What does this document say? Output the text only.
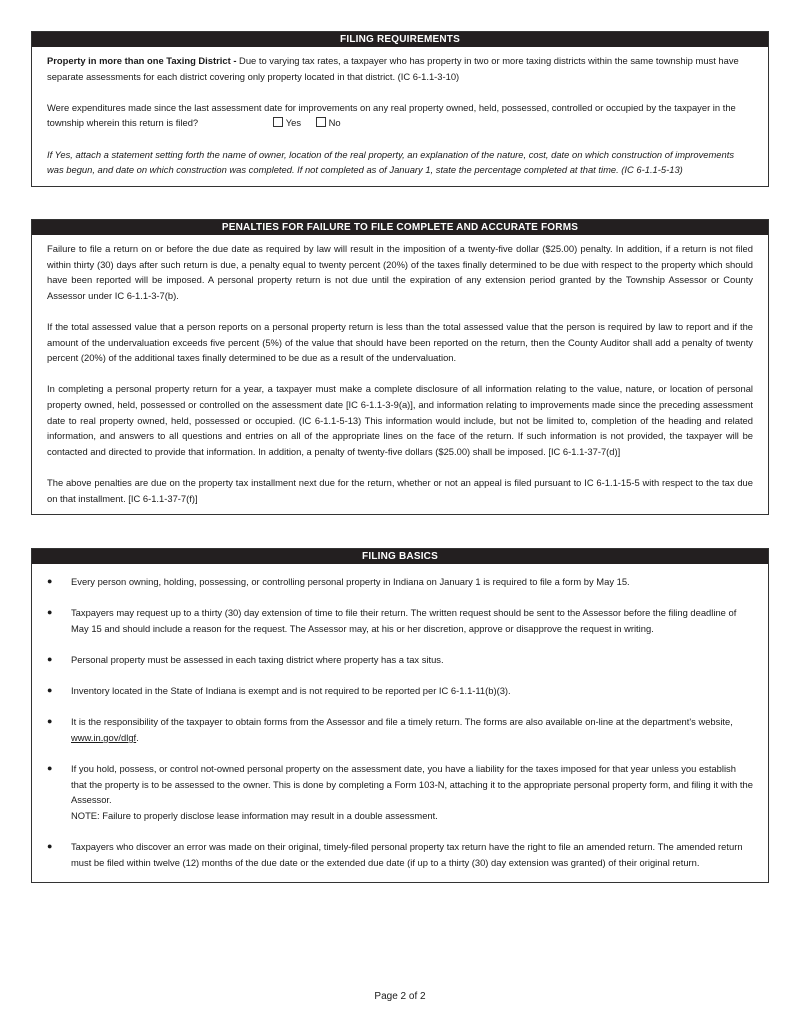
FILING REQUIREMENTS

Property in more than one Taxing District - Due to varying tax rates, a taxpayer who has property in two or more taxing districts within the same township must have separate assessments for each district covering only property located in that district. (IC 6-1.1-3-10)

Were expenditures made since the last assessment date for improvements on any real property owned, held, possessed, controlled or occupied by the taxpayer in the township wherein this return is filed?	Yes	No

If Yes, attach a statement setting forth the name of owner, location of the real property, an explanation of the nature, cost, date on which construction of improvements was begun, and date on which construction was completed. If not completed as of January 1, state the percentage completed at that time. (IC 6-1.1-5-13)

PENALTIES FOR FAILURE TO FILE COMPLETE AND ACCURATE FORMS

Failure to file a return on or before the due date as required by law will result in the imposition of a twenty-five dollar ($25.00) penalty. In addition, if a return is not filed within thirty (30) days after such return is due, a penalty equal to twenty percent (20%) of the taxes finally determined to be due with respect to the property which should have been reported will be imposed. A personal property return is not due until the expiration of any extension period granted by the Township Assessor or County Assessor under IC 6-1.1-3-7(b).

If the total assessed value that a person reports on a personal property return is less than the total assessed value that the person is required by law to report and if the amount of the undervaluation exceeds five percent (5%) of the value that should have been reported on the return, then the County Auditor shall add a penalty of twenty percent (20%) of the additional taxes finally determined to be due as a result of the undervaluation.

In completing a personal property return for a year, a taxpayer must make a complete disclosure of all information relating to the value, nature, or location of personal property owned, held, possessed or controlled on the assessment date [IC 6-1.1-3-9(a)], and information relating to improvements made since the preceding assessment date to real property owned, held, possessed or occupied. (IC 6-1.1-5-13) This information would include, but not be limited to, completion of the heading and related information, and answers to all questions and entries on all of the appropriate lines on the face of the return. If such information is not provided, the taxpayer will be contacted and directed to provide that information. In addition, a penalty of twenty-five dollars ($25.00) shall be imposed. [IC 6-1.1-37-7(d)]

The above penalties are due on the property tax installment next due for the return, whether or not an appeal is filed pursuant to IC 6-1.1-15-5 with respect to the tax due on that installment. [IC 6-1.1-37-7(f)]

FILING BASICS
● Every person owning, holding, possessing, or controlling personal property in Indiana on January 1 is required to file a form by May 15.
● Taxpayers may request up to a thirty (30) day extension of time to file their return. The written request should be sent to the Assessor before the filing deadline of May 15 and should include a reason for the request. The Assessor may, at his or her discretion, approve or disapprove the request in writing.
● Personal property must be assessed in each taxing district where property has a tax situs.
● Inventory located in the State of Indiana is exempt and is not required to be reported per IC 6-1.1-11(b)(3).
● It is the responsibility of the taxpayer to obtain forms from the Assessor and file a timely return. The forms are also available on-line at the department's website, www.in.gov/dlgf.
● If you hold, possess, or control not-owned personal property on the assessment date, you have a liability for the taxes imposed for that year unless you establish that the property is to be assessed to the owner. This is done by completing a Form 103-N, attaching it to the appropriate personal property form, and filing it with the Assessor.
NOTE: Failure to properly disclose lease information may result in a double assessment.
● Taxpayers who discover an error was made on their original, timely-filed personal property tax return have the right to file an amended return. The amended return must be filed within twelve (12) months of the due date or the extended due date (if up to a thirty (30) day extension was granted) of their original return.
Page 2 of 2
